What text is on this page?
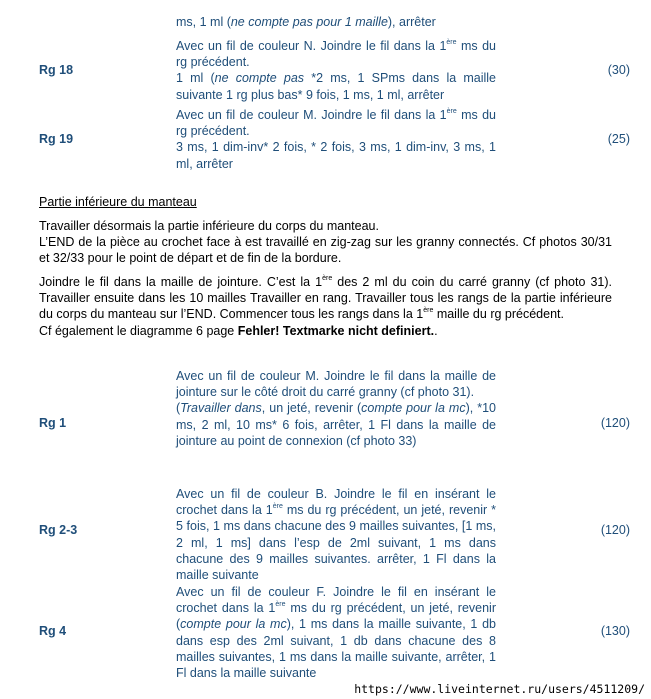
ms, 1 ml (ne compte pas pour 1 maille), arrêter
Rg 18
Avec un fil de couleur N. Joindre le fil dans la 1ère ms du rg précédent.
1 ml (ne compte pas *2 ms, 1 SPms dans la maille suivante 1 rg plus bas* 9 fois, 1 ms, 1 ml, arrêter
(30)
Rg 19
Avec un fil de couleur M. Joindre le fil dans la 1ère ms du rg précédent.
3 ms, 1 dim-inv* 2 fois, * 2 fois, 3 ms, 1 dim-inv, 3 ms, 1 ml, arrêter
(25)
Partie inférieure du manteau
Travailler désormais la partie inférieure du corps du manteau.
L’END de la pièce au crochet face à est travaillé en zig-zag sur les granny connectés. Cf photos 30/31 et 32/33 pour le point de départ et de fin de la bordure.
Joindre le fil dans la maille de jointure. C’est la 1ère des 2 ml du coin du carré granny (cf photo 31). Travailler ensuite dans les 10 mailles Travailler en rang. Travailler tous les rangs de la partie inférieure du corps du manteau sur l’END. Commencer tous les rangs dans la 1ère maille du rg précédent.
Cf également le diagramme 6 page Fehler! Textmarke nicht definiert..
Rg 1
Avec un fil de couleur M. Joindre le fil dans la maille de jointure sur le côté droit du carré granny (cf photo 31).
(Travailler dans, un jeté, revenir (compte pour la mc), *10 ms, 2 ml, 10 ms* 6 fois, arrêter, 1 Fl dans la maille de jointure au point de connexion (cf photo 33)
(120)
Rg 2-3
Avec un fil de couleur B. Joindre le fil en insérant le crochet dans la 1ère ms du rg précédent, un jeté, revenir * 5 fois, 1 ms dans chacune des 9 mailles suivantes, [1 ms, 2 ml, 1 ms] dans l’esp de 2ml suivant, 1 ms dans chacune des 9 mailles suivantes. arrêter, 1 Fl dans la maille suivante
(120)
Rg 4
Avec un fil de couleur F. Joindre le fil en insérant le crochet dans la 1ère ms du rg précédent, un jeté, revenir (compte pour la mc), 1 ms dans la maille suivante, 1 db dans esp des 2ml suivant, 1 db dans chacune des 8 mailles suivantes, 1 ms dans la maille suivante, arrêter, 1 Fl dans la maille suivante
(130)
https://www.liveinternet.ru/users/4511209/
